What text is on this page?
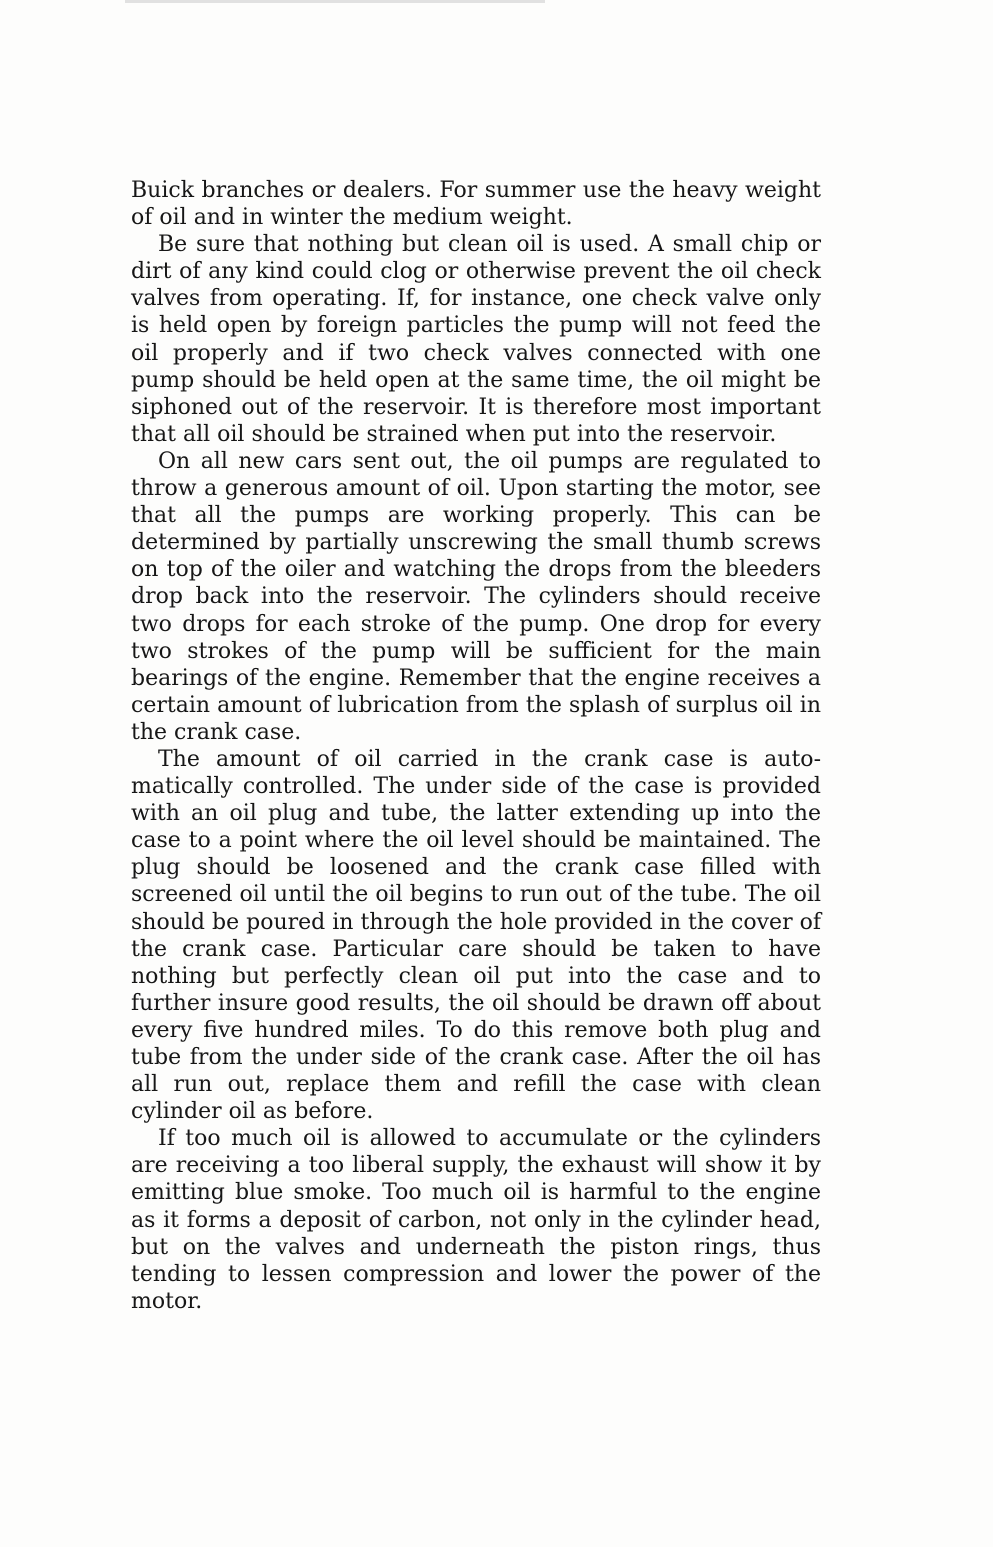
Buick branches or dealers. For summer use the heavy weight of oil and in winter the medium weight.

Be sure that nothing but clean oil is used. A small chip or dirt of any kind could clog or otherwise prevent the oil check valves from operating. If, for instance, one check valve only is held open by foreign particles the pump will not feed the oil properly and if two check valves connected with one pump should be held open at the same time, the oil might be siphoned out of the reservoir. It is therefore most important that all oil should be strained when put into the reservoir.

On all new cars sent out, the oil pumps are regulated to throw a generous amount of oil. Upon starting the motor, see that all the pumps are working properly. This can be determined by partially unscrewing the small thumb screws on top of the oiler and watching the drops from the bleeders drop back into the reservoir. The cylinders should receive two drops for each stroke of the pump. One drop for every two strokes of the pump will be sufficient for the main bearings of the engine. Remember that the engine receives a certain amount of lubrication from the splash of surplus oil in the crank case.

The amount of oil carried in the crank case is automatically controlled. The under side of the case is provided with an oil plug and tube, the latter extending up into the case to a point where the oil level should be maintained. The plug should be loosened and the crank case filled with screened oil until the oil begins to run out of the tube. The oil should be poured in through the hole provided in the cover of the crank case. Particular care should be taken to have nothing but perfectly clean oil put into the case and to further insure good results, the oil should be drawn off about every five hundred miles. To do this remove both plug and tube from the under side of the crank case. After the oil has all run out, replace them and refill the case with clean cylinder oil as before.

If too much oil is allowed to accumulate or the cylinders are receiving a too liberal supply, the exhaust will show it by emitting blue smoke. Too much oil is harmful to the engine as it forms a deposit of carbon, not only in the cylinder head, but on the valves and underneath the piston rings, thus tending to lessen compression and lower the power of the motor.
